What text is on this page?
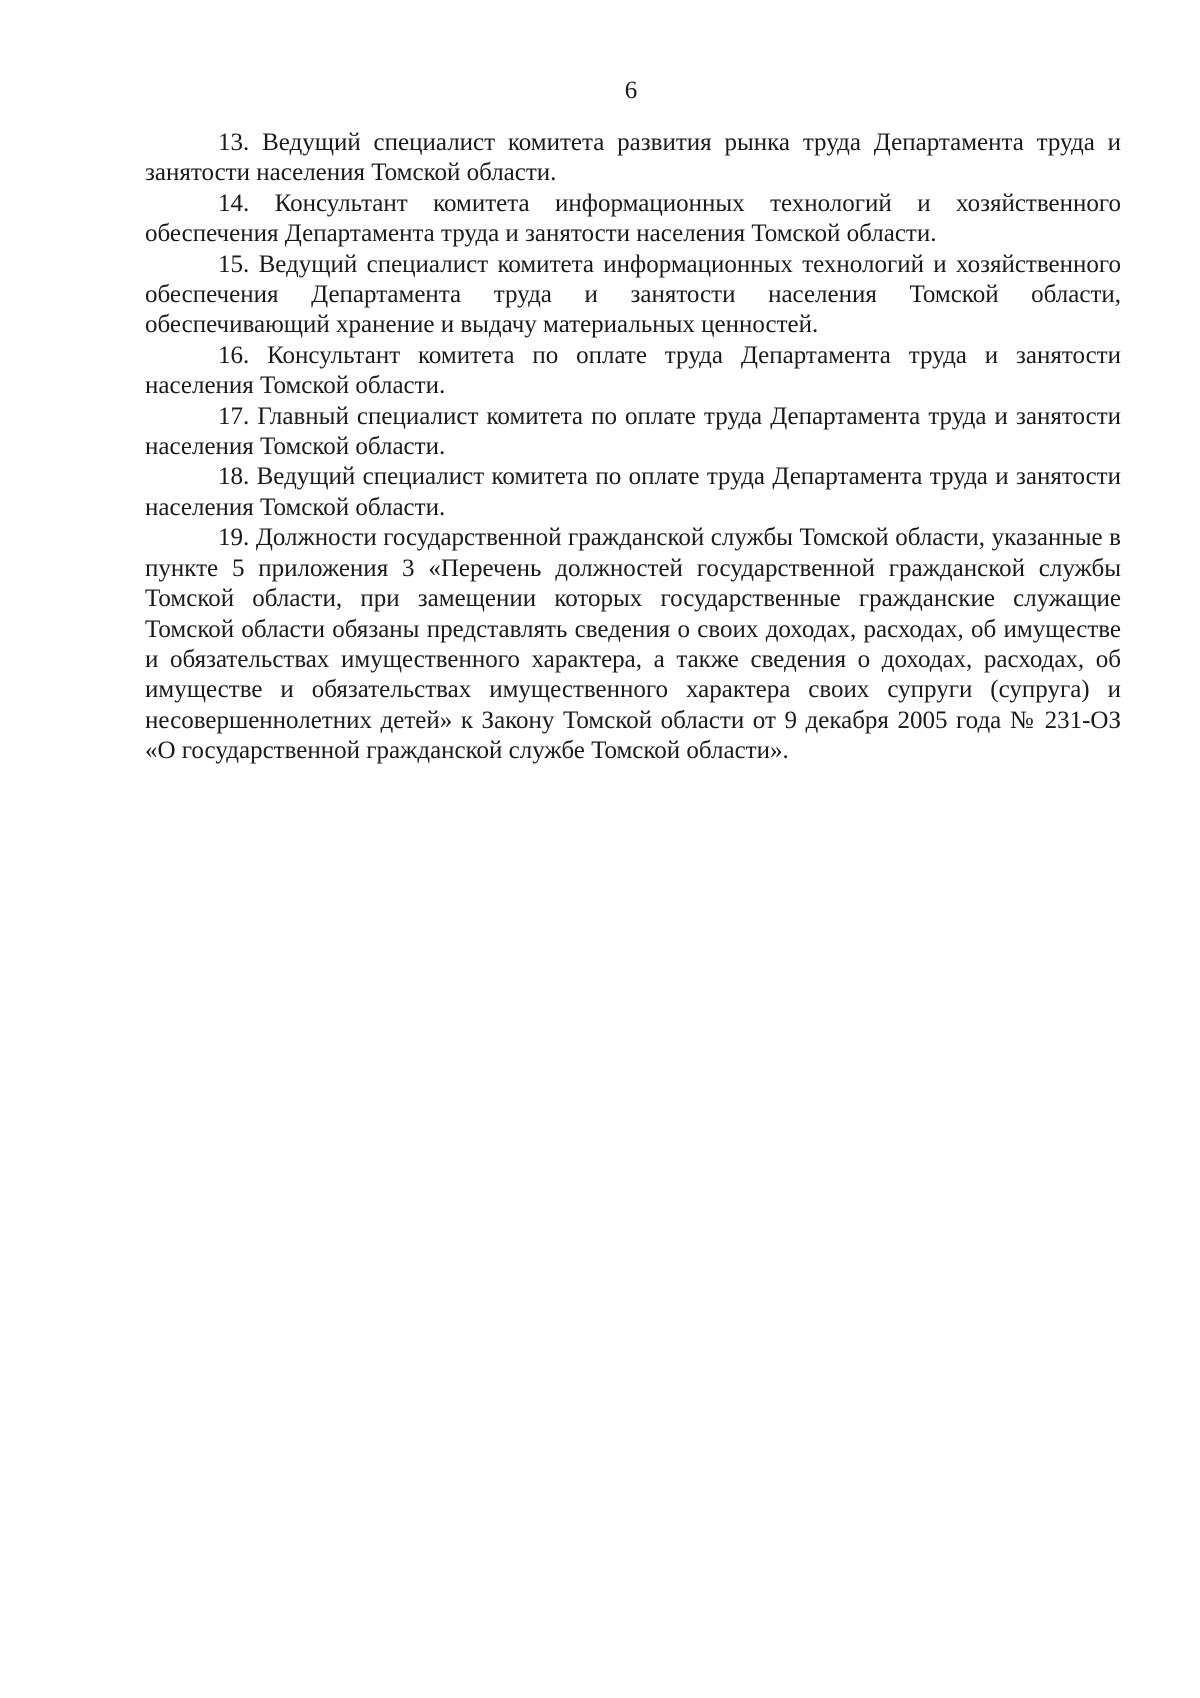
6

13. Ведущий специалист комитета развития рынка труда Департамента труда и занятости населения Томской области.

14. Консультант комитета информационных технологий и хозяйственного обеспечения Департамента труда и занятости населения Томской области.

15. Ведущий специалист комитета информационных технологий и хозяйственного обеспечения Департамента труда и занятости населения Томской области, обеспечивающий хранение и выдачу материальных ценностей.

16. Консультант комитета по оплате труда Департамента труда и занятости населения Томской области.

17. Главный специалист комитета по оплате труда Департамента труда и занятости населения Томской области.

18. Ведущий специалист комитета по оплате труда Департамента труда и занятости населения Томской области.

19. Должности государственной гражданской службы Томской области, указанные в пункте 5 приложения 3 «Перечень должностей государственной гражданской службы Томской области, при замещении которых государственные гражданские служащие Томской области обязаны представлять сведения о своих доходах, расходах, об имуществе и обязательствах имущественного характера, а также сведения о доходах, расходах, об имуществе и обязательствах имущественного характера своих супруги (супруга) и несовершеннолетних детей» к Закону Томской области от 9 декабря 2005 года № 231-ОЗ «О государственной гражданской службе Томской области».
